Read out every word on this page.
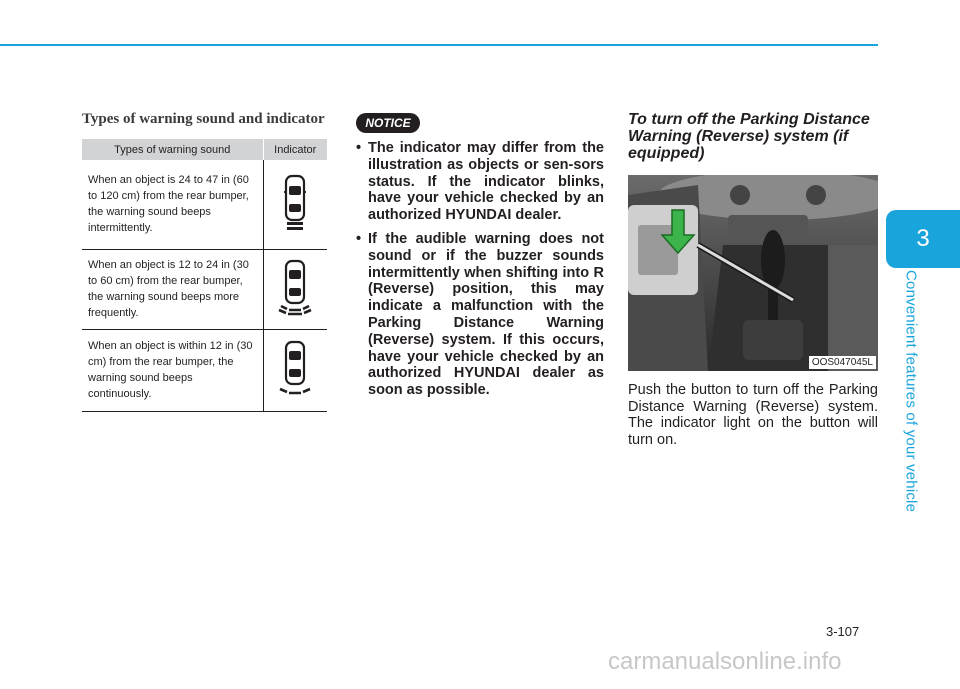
3
Convenient features of your vehicle
Types of warning sound and indicator
Types of warning sound	Indicator
When an object is 24 to 47 in (60 to 120 cm) from the rear bumper, the warning sound beeps intermittently.	
When an object is 12 to 24 in (30 to 60 cm) from the rear bumper, the warning sound beeps more frequently.	
When an object is within 12 in (30 cm) from the rear bumper, the warning sound beeps continuously.	
NOTICE
• The indicator may differ from the illustration as objects or sen-sors status. If the indicator blinks, have your vehicle checked by an authorized HYUNDAI dealer.
• If the audible warning does not sound or if the buzzer sounds intermittently when shifting into R (Reverse) position, this may indicate a malfunction with the Parking Distance Warning (Reverse) system. If this occurs, have your vehicle checked by an authorized HYUNDAI dealer as soon as possible.
To turn off the Parking Distance Warning (Reverse) system (if equipped)
OOS047045L
Push the button to turn off the Parking Distance Warning (Reverse) system. The indicator light on the button will turn on.
3-107
carmanualsonline.info
